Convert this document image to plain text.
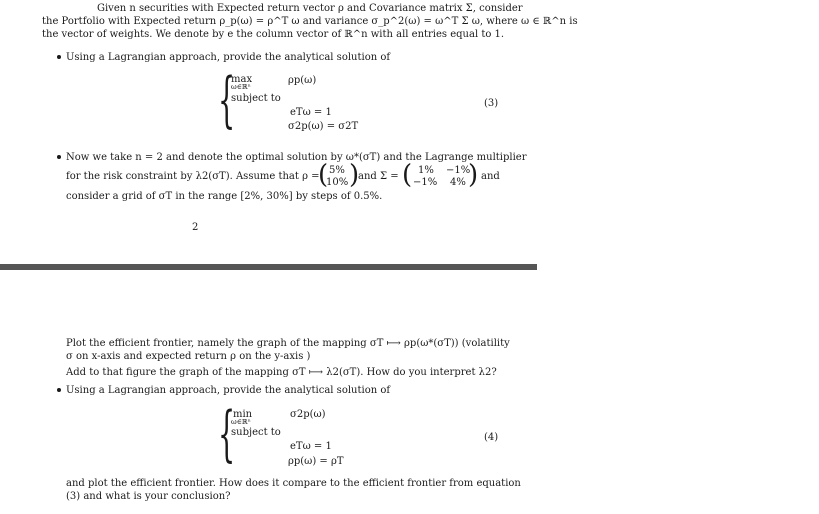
Given n securities with Expected return vector ρ and Covariance matrix Σ, consider
the Portfolio with Expected return ρ_p(ω) = ρ^T ω and variance σ_p^2(ω) = ω^T Σ ω, where ω ∈ ℝ^n is
the vector of weights. We denote by e the column vector of ℝ^n with all entries equal to 1.
Using a Lagrangian approach, provide the analytical solution of
{
max
ω∈ℝⁿ
ρp(ω)
subject to
eTω = 1
σ2p(ω) = σ2T
(3)
Now we take n = 2 and denote the optimal solution by ω*(σT) and the Lagrange multiplier
for the risk constraint by λ2(σT). Assume that ρ =
( 5%
10% )
and Σ = ( 1% −1%
−1% 4% ) and
consider a grid of σT in the range [2%, 30%] by steps of 0.5%.
2
Plot the efficient frontier, namely the graph of the mapping σT ⟼ ρp(ω*(σT)) (volatility
σ on x-axis and expected return ρ on the y-axis )
Add to that figure the graph of the mapping σT ⟼ λ2(σT). How do you interpret λ2?
Using a Lagrangian approach, provide the analytical solution of
{
min
ω∈ℝⁿ
σ2p(ω)
subject to
eTω = 1
ρp(ω) = ρT
(4)
and plot the efficient frontier. How does it compare to the efficient frontier from equation
(3) and what is your conclusion?
